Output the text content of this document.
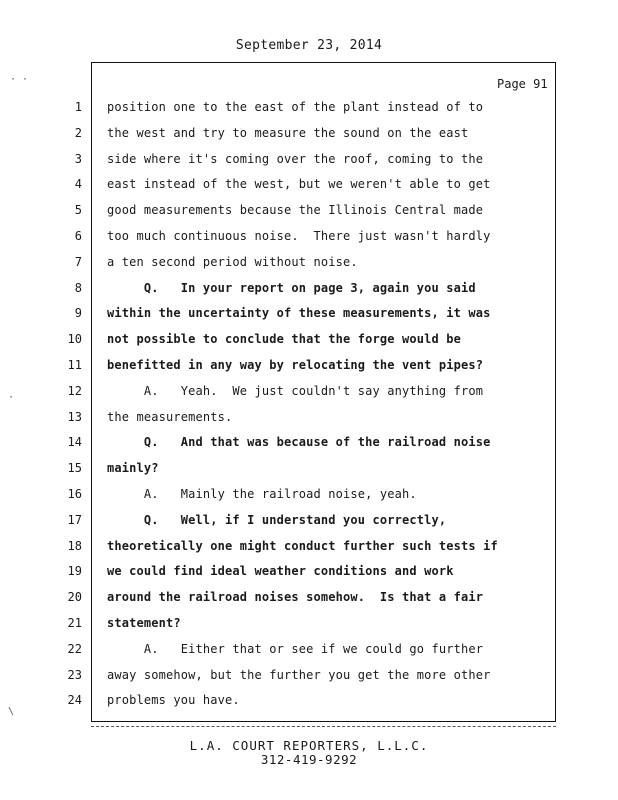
September 23, 2014
Page 91
1 position one to the east of the plant instead of to
2 the west and try to measure the sound on the east
3 side where it's coming over the roof, coming to the
4 east instead of the west, but we weren't able to get
5 good measurements because the Illinois Central made
6 too much continuous noise.  There just wasn't hardly
7 a ten second period without noise.
8 Q.   In your report on page 3, again you said
9 within the uncertainty of these measurements, it was
10 not possible to conclude that the forge would be
11 benefitted in any way by relocating the vent pipes?
12 A.   Yeah.  We just couldn't say anything from
13 the measurements.
14 Q.   And that was because of the railroad noise
15 mainly?
16 A.   Mainly the railroad noise, yeah.
17 Q.   Well, if I understand you correctly,
18 theoretically one might conduct further such tests if
19 we could find ideal weather conditions and work
20 around the railroad noises somehow.  Is that a fair
21 statement?
22 A.   Either that or see if we could go further
23 away somehow, but the further you get the more other
24 problems you have.
L.A. COURT REPORTERS, L.L.C.
312-419-9292
· ·
·
\
